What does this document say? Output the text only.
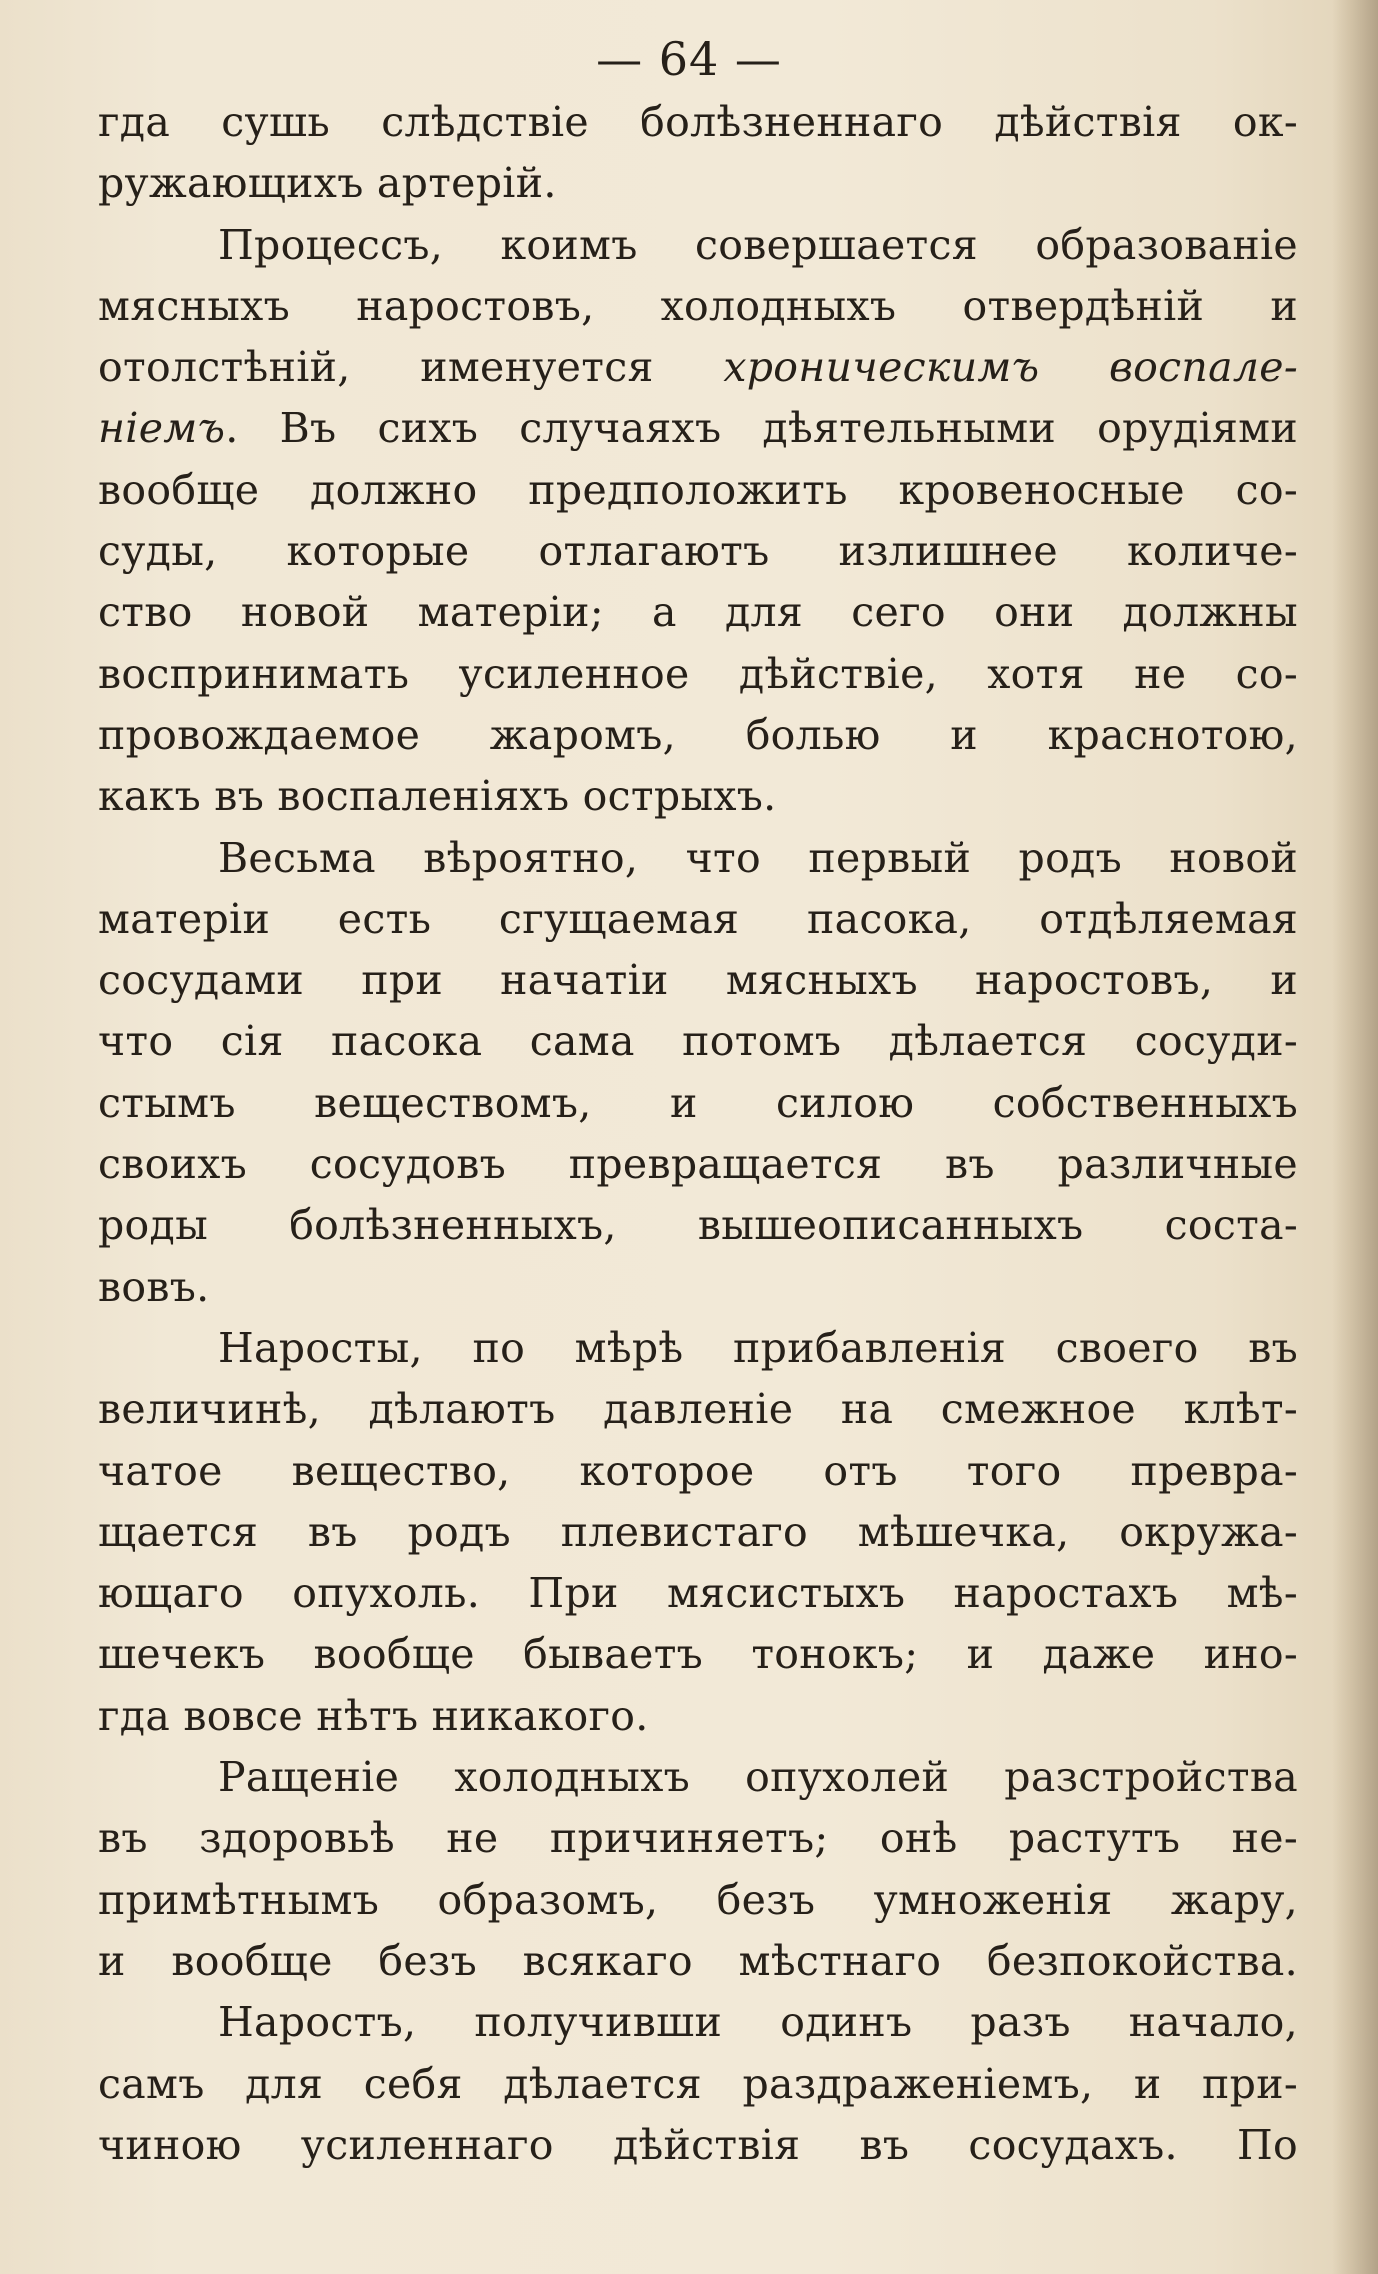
— 64 —
гда сушь слѣдствіе болѣзненнаго дѣйствія ок-
ружающихъ артерій.
Процессъ, коимъ совершается образованіе
мясныхъ наростовъ, холодныхъ отвердѣній и
отолстѣній, именуется хроническимъ воспале-
ніемъ. Въ сихъ случаяхъ дѣятельными орудіями
вообще должно предположить кровеносные со-
суды, которые отлагаютъ излишнее количе-
ство новой матеріи; а для сего они должны
воспринимать усиленное дѣйствіе, хотя не со-
провождаемое жаромъ, болью и краснотою,
какъ въ воспаленіяхъ острыхъ.
Весьма вѣроятно, что первый родъ новой
матеріи есть сгущаемая пасока, отдѣляемая
сосудами при начатіи мясныхъ наростовъ, и
что сія пасока сама потомъ дѣлается сосуди-
стымъ веществомъ, и силою собственныхъ
своихъ сосудовъ превращается въ различные
роды болѣзненныхъ, вышеописанныхъ соста-
вовъ.
Наросты, по мѣрѣ прибавленія своего въ
величинѣ, дѣлаютъ давленіе на смежное клѣт-
чатое вещество, которое отъ того превра-
щается въ родъ плевистаго мѣшечка, окружа-
ющаго опухоль. При мясистыхъ наростахъ мѣ-
шечекъ вообще бываетъ тонокъ; и даже ино-
гда вовсе нѣтъ никакого.
Ращеніе холодныхъ опухолей разстройства
въ здоровьѣ не причиняетъ; онѣ растутъ не-
примѣтнымъ образомъ, безъ умноженія жару,
и вообще безъ всякаго мѣстнаго безпокойства.
Наростъ, получивши одинъ разъ начало,
самъ для себя дѣлается раздраженіемъ, и при-
чиною усиленнаго дѣйствія въ сосудахъ. По
